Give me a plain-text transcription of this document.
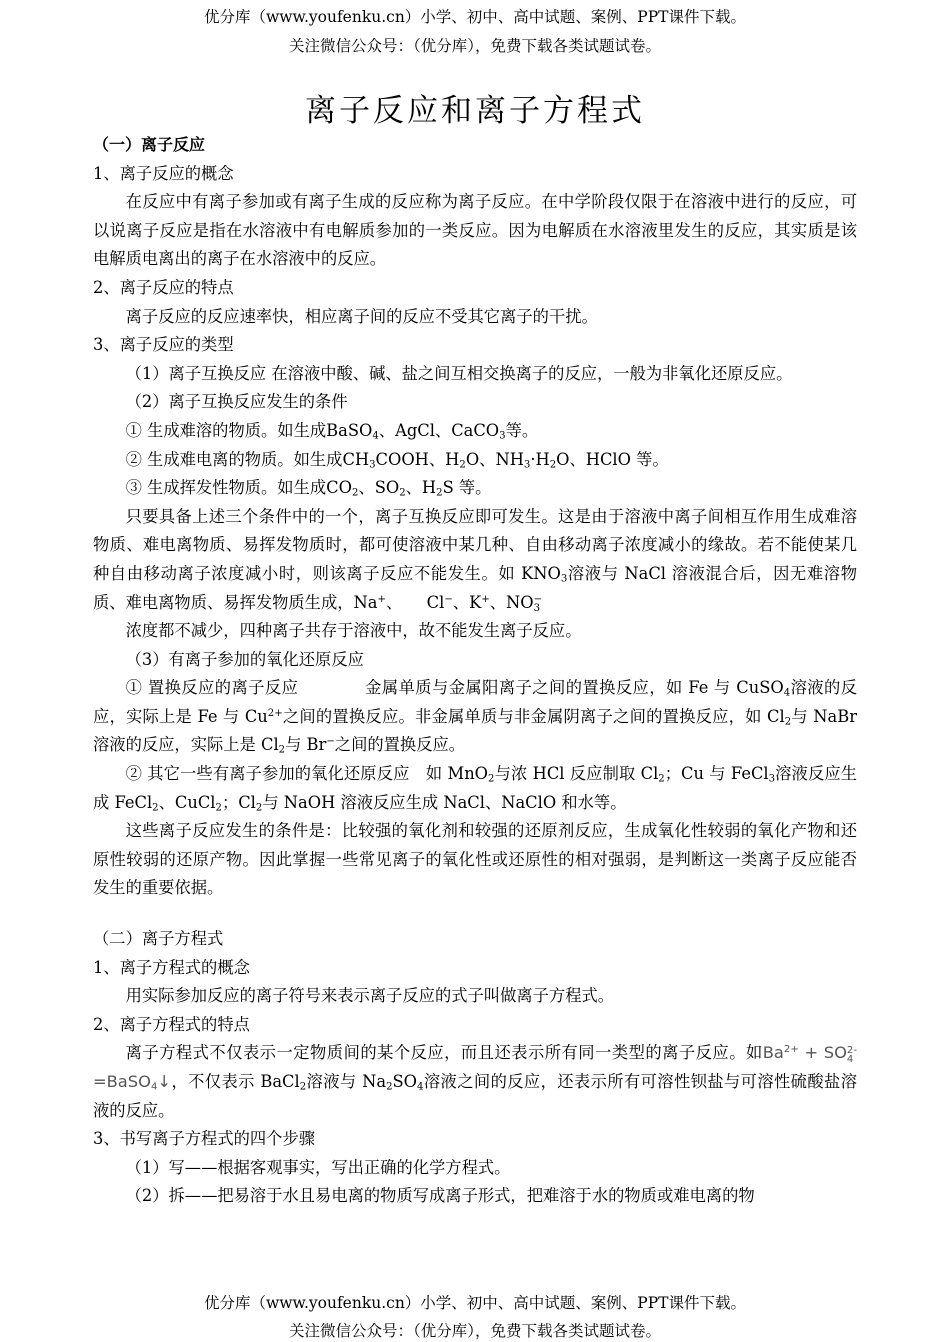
优分库（www.youfenku.cn）小学、初中、高中试题、案例、PPT课件下载。
关注微信公众号：（优分库），免费下载各类试题试卷。
离子反应和离子方程式

（一）离子反应

1、离子反应的概念

在反应中有离子参加或有离子生成的反应称为离子反应。在中学阶段仅限于在溶液中进行的反应，可以说离子反应是指在水溶液中有电解质参加的一类反应。因为电解质在水溶液里发生的反应，其实质是该电解质电离出的离子在水溶液中的反应。

2、离子反应的特点

离子反应的反应速率快，相应离子间的反应不受其它离子的干扰。

3、离子反应的类型

（1）离子互换反应 在溶液中酸、碱、盐之间互相交换离子的反应，一般为非氧化还原反应。

（2）离子互换反应发生的条件

① 生成难溶的物质。如生成BaSO$_4$、AgCl、CaCO$_3$等。

② 生成难电离的物质。如生成$CH_3COOH$、$H_2O$、$NH_3\cdot H_2O$、HClO 等。

③ 生成挥发性物质。如生成$CO_2$、$SO_2$、$H_2S$ 等。

只要具备上述三个条件中的一个，离子互换反应即可发生。这是由于溶液中离子间相互作用生成难溶物质、难电离物质、易挥发物质时，都可使溶液中某几种、自由移动离子浓度减小的缘故。若不能使某几种自由移动离子浓度减小时，则该离子反应不能发生。如 $KNO_3$溶液与 NaCl 溶液混合后，因无难溶物质、难电离物质、易挥发物质生成，Na+、　　Cl−、K+、NO −
3

浓度都不减少，四种离子共存于溶液中，故不能发生离子反应。

（3）有离子参加的氧化还原反应

① 置换反应的离子反应　　　　金属单质与金属阳离子之间的置换反应，如 Fe 与 CuSO$_4$溶液的反应，实际上是 Fe 与 $Cu^{2+}$之间的置换反应。非金属单质与非金属阴离子之间的置换反应，如 $Cl_2$与 NaBr 溶液的反应，实际上是 $Cl_2$与 Br−之间的置换反应。

② 其它一些有离子参加的氧化还原反应　如 MnO$_2$与浓 HCl 反应制取 $Cl_2$；Cu 与 FeCl$_3$溶液反应生成 FeCl$_2$、CuCl$_2$；$Cl_2$与 NaOH 溶液反应生成 NaCl、NaClO 和水等。

这些离子反应发生的条件是：比较强的氧化剂和较强的还原剂反应，生成氧化性较弱的氧化产物和还原性较弱的还原产物。因此掌握一些常见离子的氧化性或还原性的相对强弱，是判断这一类离子反应能否发生的重要依据。

（二）离子方程式

1、离子方程式的概念

用实际参加反应的离子符号来表示离子反应的式子叫做离子方程式。

2、离子方程式的特点

离子方程式不仅表示一定物质间的某个反应，而且还表示所有同一类型的离子反应。如$Ba^{2+}$ + SO 2-
4
=BaSO$_4$↓，不仅表示 BaCl$_2$溶液与 $Na_2SO_4$溶液之间的反应，还表示所有可溶性钡盐与可溶性硫酸盐溶液的反应。

3、书写离子方程式的四个步骤

（1）写——根据客观事实，写出正确的化学方程式。

（2）拆——把易溶于水且易电离的物质写成离子形式，把难溶于水的物质或难电离的物

优分库（www.youfenku.cn）小学、初中、高中试题、案例、PPT课件下载。
关注微信公众号：（优分库），免费下载各类试题试卷。
